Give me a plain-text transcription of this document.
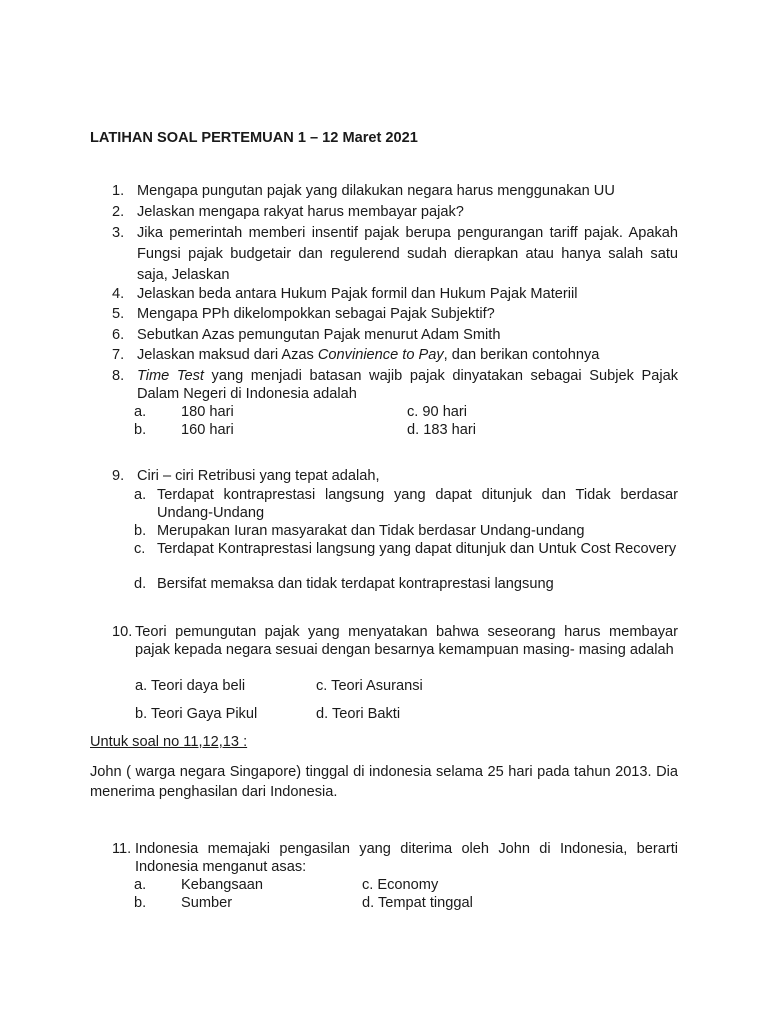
LATIHAN SOAL PERTEMUAN 1 – 12 Maret 2021
1. Mengapa pungutan pajak yang dilakukan negara harus menggunakan UU
2. Jelaskan mengapa rakyat harus membayar pajak?
3. Jika pemerintah memberi insentif pajak berupa pengurangan tariff pajak. Apakah Fungsi pajak budgetair dan regulerend sudah dierapkan atau hanya salah satu saja, Jelaskan
4. Jelaskan beda antara Hukum Pajak formil dan Hukum Pajak Materiil
5. Mengapa PPh dikelompokkan sebagai Pajak Subjektif?
6. Sebutkan Azas pemungutan Pajak menurut Adam Smith
7. Jelaskan maksud dari Azas Convinience to Pay, dan berikan contohnya
8. Time Test yang menjadi batasan wajib pajak dinyatakan sebagai Subjek Pajak Dalam Negeri di Indonesia adalah
a. 180 hari	c. 90 hari
b. 160 hari	d. 183 hari
9. Ciri – ciri Retribusi yang tepat adalah,
a. Terdapat kontraprestasi langsung yang dapat ditunjuk dan Tidak berdasar Undang-Undang
b. Merupakan Iuran masyarakat dan Tidak berdasar Undang-undang
c. Terdapat Kontraprestasi langsung yang dapat ditunjuk dan Untuk Cost Recovery
d. Bersifat memaksa dan tidak terdapat kontraprestasi langsung
10. Teori pemungutan pajak yang menyatakan bahwa seseorang harus membayar pajak kepada negara sesuai dengan besarnya kemampuan masing- masing adalah
a. Teori daya beli	c. Teori Asuransi
b. Teori Gaya Pikul	d. Teori Bakti
Untuk soal no 11,12,13 :
John ( warga negara Singapore) tinggal di indonesia selama 25 hari pada tahun 2013. Dia menerima penghasilan dari Indonesia.
11. Indonesia memajaki pengasilan yang diterima oleh John di Indonesia, berarti Indonesia menganut asas:
a. Kebangsaan	c. Economy
b. Sumber	d. Tempat tinggal
